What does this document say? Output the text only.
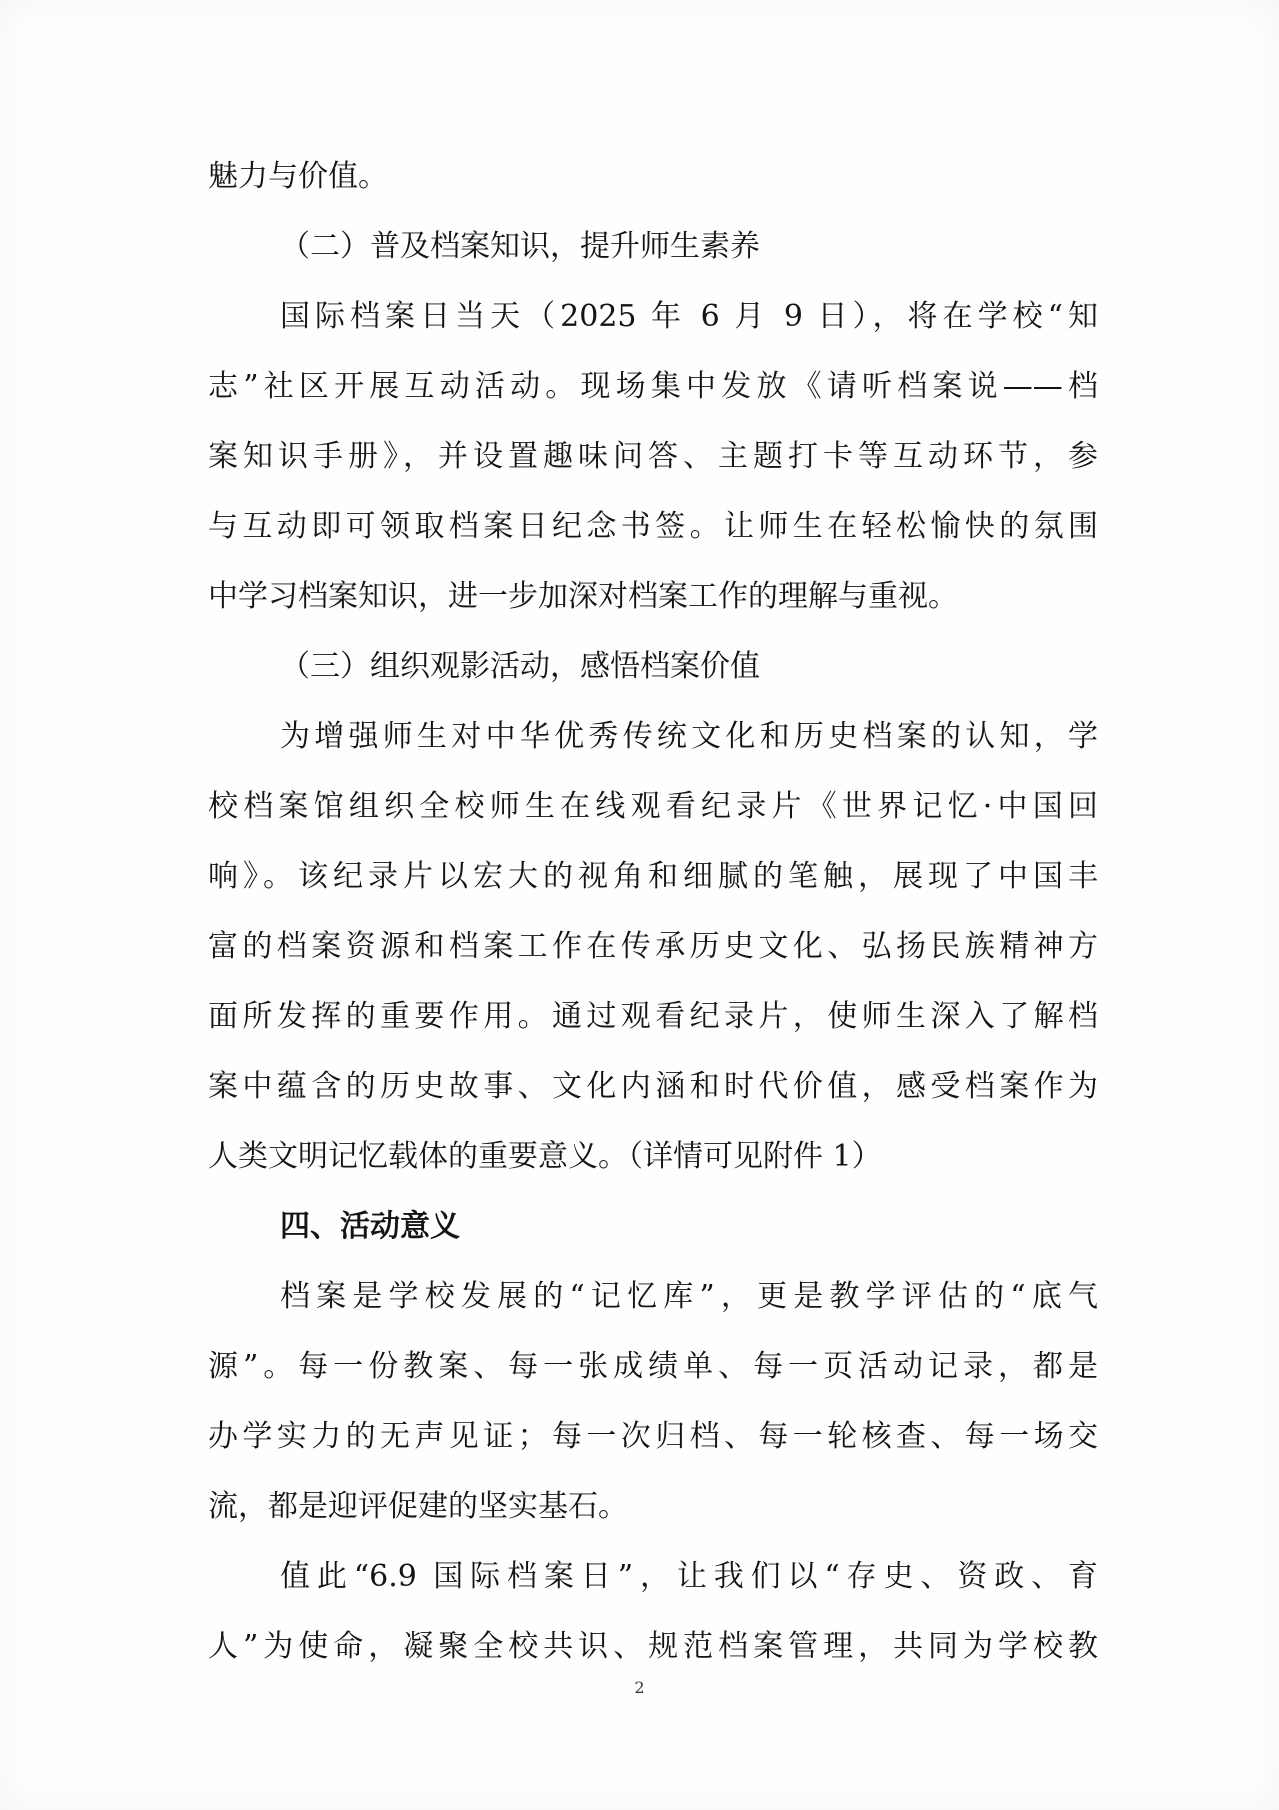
魅力与价值。
（二）普及档案知识，提升师生素养
国际档案日当天（2025 年 6 月 9 日），将在学校“知
志”社区开展互动活动。现场集中发放《请听档案说——档
案知识手册》，并设置趣味问答、主题打卡等互动环节，参
与互动即可领取档案日纪念书签。让师生在轻松愉快的氛围
中学习档案知识，进一步加深对档案工作的理解与重视。
（三）组织观影活动，感悟档案价值
为增强师生对中华优秀传统文化和历史档案的认知，学
校档案馆组织全校师生在线观看纪录片《世界记忆·中国回
响》。该纪录片以宏大的视角和细腻的笔触，展现了中国丰
富的档案资源和档案工作在传承历史文化、弘扬民族精神方
面所发挥的重要作用。通过观看纪录片，使师生深入了解档
案中蕴含的历史故事、文化内涵和时代价值，感受档案作为
人类文明记忆载体的重要意义。（详情可见附件 1）
四、活动意义
档案是学校发展的“记忆库”，更是教学评估的“底气
源”。每一份教案、每一张成绩单、每一页活动记录，都是
办学实力的无声见证；每一次归档、每一轮核查、每一场交
流，都是迎评促建的坚实基石。
值此“6.9 国际档案日”，让我们以“存史、资政、育
人”为使命，凝聚全校共识、规范档案管理，共同为学校教
2
